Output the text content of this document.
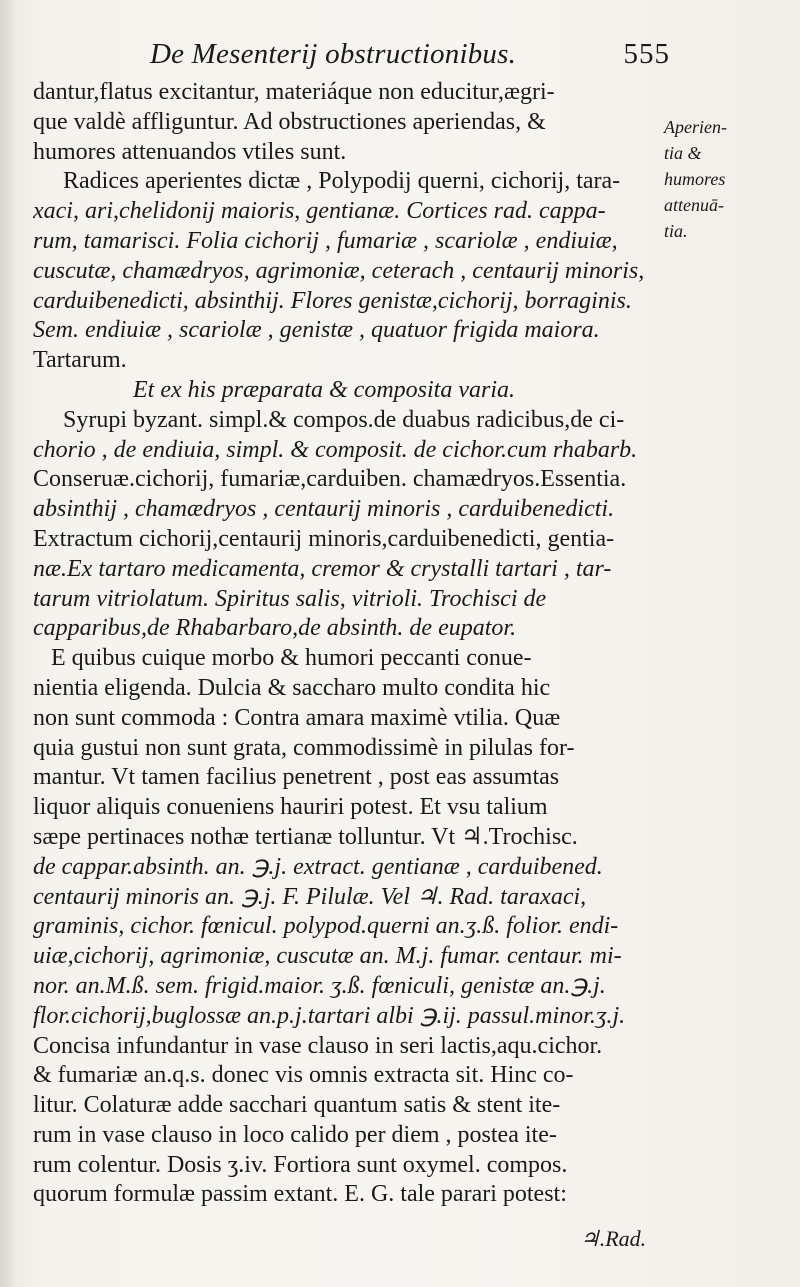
De Mesenterij obstructionibus.	555
Aperien-
tia &
humores
attenuā-
tia.
dantur,flatus excitantur, materiáque non educitur,ægri-
que valdè affliguntur. Ad obstructiones aperiendas, &
humores attenuandos vtiles sunt.
Radices aperientes dictæ , Polypodij querni, cichorij, tara-
xaci, ari,chelidonij maioris, gentianæ. Cortices rad. cappa-
rum, tamarisci. Folia cichorij , fumariæ , scariolæ , endiuiæ,
cuscutæ, chamædryos, agrimoniæ, ceterach , centaurij minoris,
carduibenedicti, absinthij. Flores genistæ,cichorij, borraginis.
Sem. endiuiæ , scariolæ , genistæ , quatuor frigida maiora.
Tartarum.
Et ex his præparata & composita varia.
Syrupi byzant. simpl.& compos.de duabus radicibus,de ci-
chorio , de endiuia, simpl. & composit. de cichor.cum rhabarb.
Conseruæ.cichorij, fumariæ,carduiben. chamædryos.Essentia.
absinthij , chamædryos , centaurij minoris , carduibenedicti.
Extractum cichorij,centaurij minoris,carduibenedicti, gentia-
næ.Ex tartaro medicamenta, cremor & crystalli tartari , tar-
tarum vitriolatum. Spiritus salis, vitrioli. Trochisci de
capparibus,de Rhabarbaro,de absinth. de eupator.
E quibus cuique morbo & humori peccanti conue-
nientia eligenda. Dulcia & saccharo multo condita hic
non sunt commoda : Contra amara maximè vtilia. Quæ
quia gustui non sunt grata, commodissimè in pilulas for-
mantur. Vt tamen facilius penetrent , post eas assumtas
liquor aliquis conueniens hauriri potest. Et vsu talium
sæpe pertinaces nothæ tertianæ tolluntur. Vt ♃.Trochisc.
de cappar.absinth. an. ℈.j. extract. gentianæ , carduibened.
centaurij minoris an. ℈.j. F. Pilulæ. Vel ♃. Rad. taraxaci,
graminis, cichor. fœnicul. polypod.querni an.ʒ.ß. folior. endi-
uiæ,cichorij, agrimoniæ, cuscutæ an. M.j. fumar. centaur. mi-
nor. an.M.ß. sem. frigid.maior. ʒ.ß. fœniculi, genistæ an.℈.j.
flor.cichorij,buglossæ an.p.j.tartari albi ℈.ij. passul.minor.ʒ.j.
Concisa infundantur in vase clauso in seri lactis,aqu.cichor.
& fumariæ an.q.s. donec vis omnis extracta sit. Hinc co-
litur. Colaturæ adde sacchari quantum satis & stent ite-
rum in vase clauso in loco calido per diem , postea ite-
rum colentur. Dosis ʒ.iv. Fortiora sunt oxymel. compos.
quorum formulæ passim extant. E. G. tale parari potest:
♃.Rad.
